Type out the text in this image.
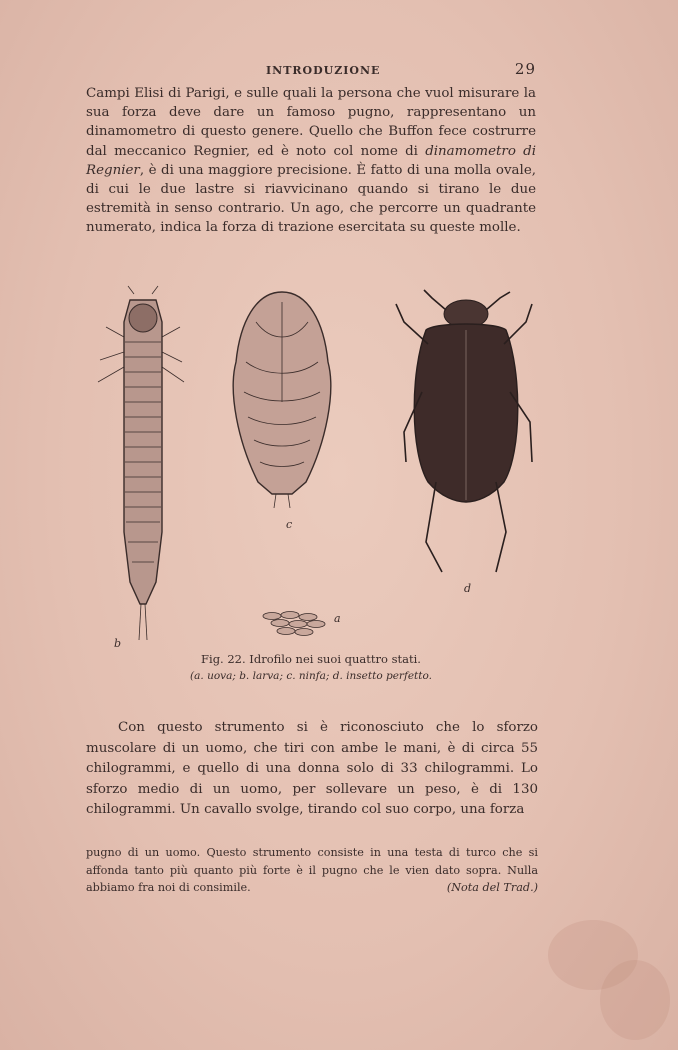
INTRODUZIONE	29
Campi Elisi di Parigi, e sulle quali la persona che vuol misurare la sua forza deve dare un famoso pugno, rappresentano un dinamometro di questo genere. Quello che Buffon fece costrurre dal meccanico Regnier, ed è noto col nome di dinamometro di Regnier, è di una maggiore precisione. È fatto di una molla ovale, di cui le due lastre si riavvicinano quando si tirano le due estremità in senso contrario. Un ago, che percorre un quadrante numerato, indica la forza di trazione esercitata su queste molle.
a
b
c
d
Fig. 22. Idrofilo nei suoi quattro stati.
(a. uova; b. larva; c. ninfa; d. insetto perfetto.
Con questo strumento si è riconosciuto che lo sforzo muscolare di un uomo, che tiri con ambe le mani, è di circa 55 chilogrammi, e quello di una donna solo di 33 chilogrammi. Lo sforzo medio di un uomo, per sollevare un peso, è di 130 chilogrammi. Un cavallo svolge, tirando col suo corpo, una forza
pugno di un uomo. Questo strumento consiste in una testa di turco che si affonda tanto più quanto più forte è il pugno che le vien dato sopra. Nulla abbiamo fra noi di consimile.	(Nota del Trad.)
